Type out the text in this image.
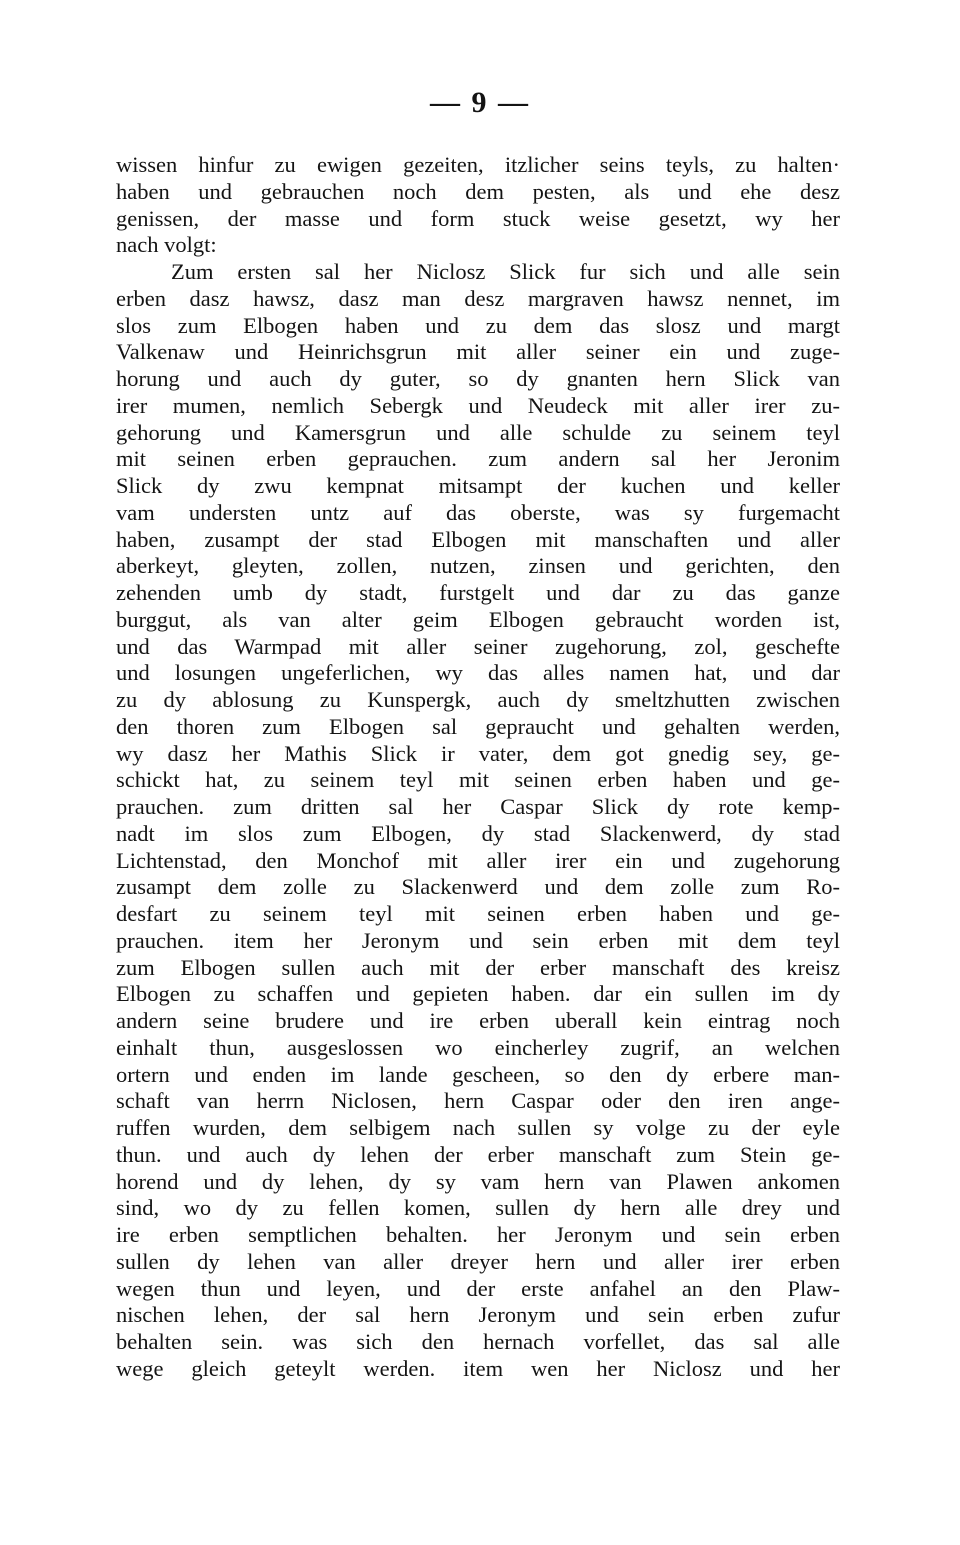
— 9 —
wissen hinfur zu ewigen gezeiten, itzlicher seins teyls, zu halten·
haben und gebrauchen noch dem pesten, als und ehe desz
genissen, der masse und form stuck weise gesetzt, wy her
nach volgt:
Zum ersten sal her Niclosz Slick fur sich und alle sein
erben dasz hawsz, dasz man desz margraven hawsz nennet, im
slos zum Elbogen haben und zu dem das slosz und margt
Valkenaw und Heinrichsgrun mit aller seiner ein und zuge-
horung und auch dy guter, so dy gnanten hern Slick van
irer mumen, nemlich Sebergk und Neudeck mit aller irer zu-
gehorung und Kamersgrun und alle schulde zu seinem teyl
mit seinen erben geprauchen. zum andern sal her Jeronim
Slick dy zwu kempnat mitsampt der kuchen und keller
vam understen untz auf das oberste, was sy furgemacht
haben, zusampt der stad Elbogen mit manschaften und aller
aberkeyt, gleyten, zollen, nutzen, zinsen und gerichten, den
zehenden umb dy stadt, furstgelt und dar zu das ganze
burggut, als van alter geim Elbogen gebraucht worden ist,
und das Warmpad mit aller seiner zugehorung, zol, geschefte
und losungen ungeferlichen, wy das alles namen hat, und dar
zu dy ablosung zu Kunspergk, auch dy smeltzhutten zwischen
den thoren zum Elbogen sal gepraucht und gehalten werden,
wy dasz her Mathis Slick ir vater, dem got gnedig sey, ge-
schickt hat, zu seinem teyl mit seinen erben haben und ge-
prauchen. zum dritten sal her Caspar Slick dy rote kemp-
nadt im slos zum Elbogen, dy stad Slackenwerd, dy stad
Lichtenstad, den Monchof mit aller irer ein und zugehorung
zusampt dem zolle zu Slackenwerd und dem zolle zum Ro-
desfart zu seinem teyl mit seinen erben haben und ge-
prauchen. item her Jeronym und sein erben mit dem teyl
zum Elbogen sullen auch mit der erber manschaft des kreisz
Elbogen zu schaffen und gepieten haben. dar ein sullen im dy
andern seine brudere und ire erben uberall kein eintrag noch
einhalt thun, ausgeslossen wo eincherley zugrif, an welchen
ortern und enden im lande gescheen, so den dy erbere man-
schaft van herrn Niclosen, hern Caspar oder den iren ange-
ruffen wurden, dem selbigem nach sullen sy volge zu der eyle
thun. und auch dy lehen der erber manschaft zum Stein ge-
horend und dy lehen, dy sy vam hern van Plawen ankomen
sind, wo dy zu fellen komen, sullen dy hern alle drey und
ire erben semptlichen behalten. her Jeronym und sein erben
sullen dy lehen van aller dreyer hern und aller irer erben
wegen thun und leyen, und der erste anfahel an den Plaw-
nischen lehen, der sal hern Jeronym und sein erben zufur
behalten sein. was sich den hernach vorfellet, das sal alle
wege gleich geteylt werden. item wen her Niclosz und her
